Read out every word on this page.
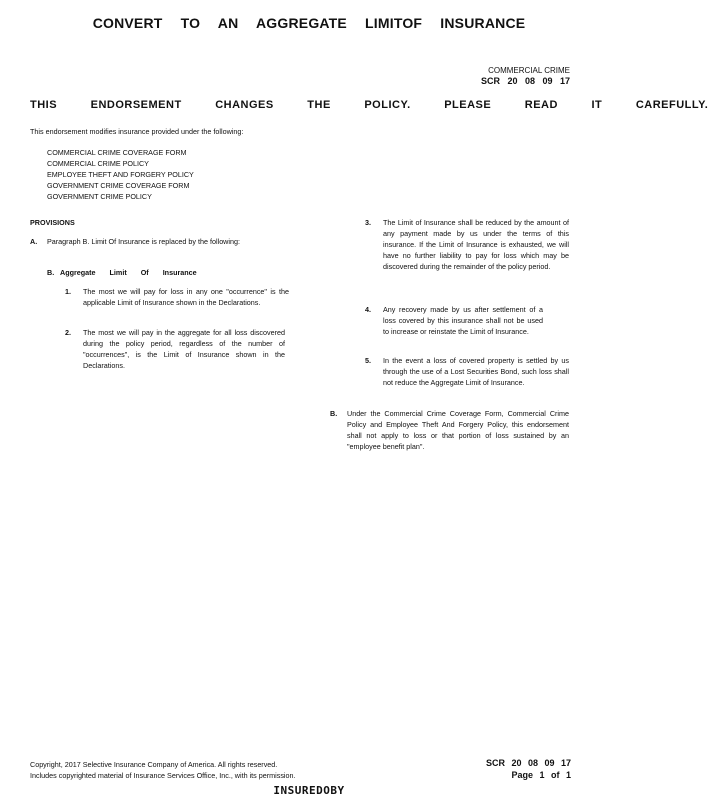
CONVERT TO AN AGGREGATE LIMITOF INSURANCE
COMMERCIAL CRIME
SCR 20 08 09 17
THIS ENDORSEMENT CHANGES THE POLICY. PLEASE READ IT CAREFULLY.
This endorsement modifies insurance provided under the following:
COMMERCIAL CRIME COVERAGE FORM
COMMERCIAL CRIME POLICY
EMPLOYEE THEFT AND FORGERY POLICY
GOVERNMENT CRIME COVERAGE FORM
GOVERNMENT CRIME POLICY
PROVISIONS
A. Paragraph B. Limit Of Insurance is replaced by the following:
B. Aggregate Limit Of Insurance
1. The most we will pay for loss in any one "occurrence" is the applicable Limit of Insurance shown in the Declarations.
2. The most we will pay in the aggregate for all loss discovered during the policy period, regardless of the number of "occurrences", is the Limit of Insurance shown in the Declarations.
3. The Limit of Insurance shall be reduced by the amount of any payment made by us under the terms of this insurance. If the Limit of Insurance is exhausted, we will have no further liability to pay for loss which may be discovered during the remainder of the policy period.
4. Any recovery made by us after settlement of a loss covered by this insurance shall not be used to increase or reinstate the Limit of Insurance.
5. In the event a loss of covered property is settled by us through the use of a Lost Securities Bond, such loss shall not reduce the Aggregate Limit of Insurance.
B. Under the Commercial Crime Coverage Form, Commercial Crime Policy and Employee Theft And Forgery Policy, this endorsement shall not apply to loss or that portion of loss sustained by an "employee benefit plan".
Copyright, 2017 Selective Insurance Company of America. All rights reserved.
Includes copyrighted material of Insurance Services Office, Inc., with its permission.
SCR 20 08 09 17
Page 1 of 1
INSUREDOBY
